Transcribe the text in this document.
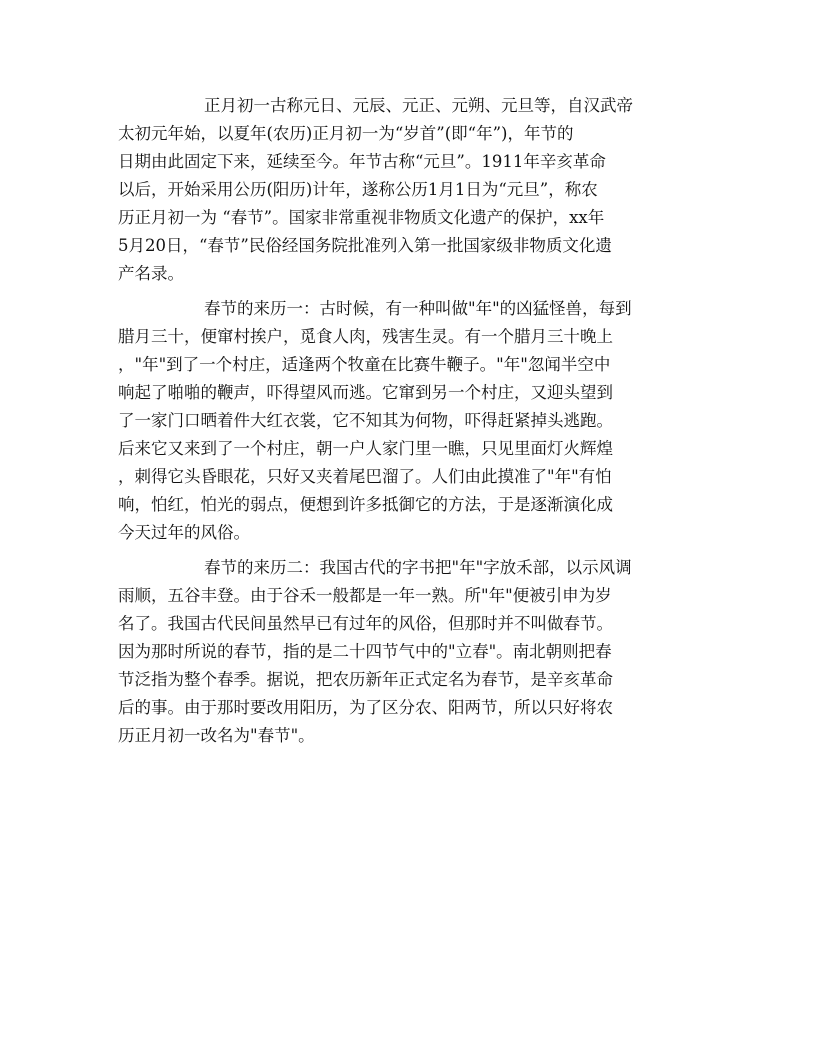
正月初一古称元日、元辰、元正、元朔、元旦等，自汉武帝
太初元年始，以夏年(农历)正月初一为“岁首”(即“年”)，年节的
日期由此固定下来，延续至今。年节古称“元旦”。1911年辛亥革命
以后，开始采用公历(阳历)计年，遂称公历1月1日为“元旦”，称农
历正月初一为 “春节”。国家非常重视非物质文化遗产的保护，xx年
5月20日，“春节”民俗经国务院批准列入第一批国家级非物质文化遗
产名录。
春节的来历一：古时候，有一种叫做"年"的凶猛怪兽，每到
腊月三十，便窜村挨户，觅食人肉，残害生灵。有一个腊月三十晚上
，"年"到了一个村庄，适逢两个牧童在比赛牛鞭子。"年"忽闻半空中
响起了啪啪的鞭声，吓得望风而逃。它窜到另一个村庄，又迎头望到
了一家门口晒着件大红衣裳，它不知其为何物，吓得赶紧掉头逃跑。
后来它又来到了一个村庄，朝一户人家门里一瞧，只见里面灯火辉煌
，刺得它头昏眼花，只好又夹着尾巴溜了。人们由此摸准了"年"有怕
响，怕红，怕光的弱点，便想到许多抵御它的方法，于是逐渐演化成
今天过年的风俗。
春节的来历二：我国古代的字书把"年"字放禾部，以示风调
雨顺，五谷丰登。由于谷禾一般都是一年一熟。所"年"便被引申为岁
名了。我国古代民间虽然早已有过年的风俗，但那时并不叫做春节。
因为那时所说的春节，指的是二十四节气中的"立春"。南北朝则把春
节泛指为整个春季。据说，把农历新年正式定名为春节，是辛亥革命
后的事。由于那时要改用阳历，为了区分农、阳两节，所以只好将农
历正月初一改名为"春节"。
